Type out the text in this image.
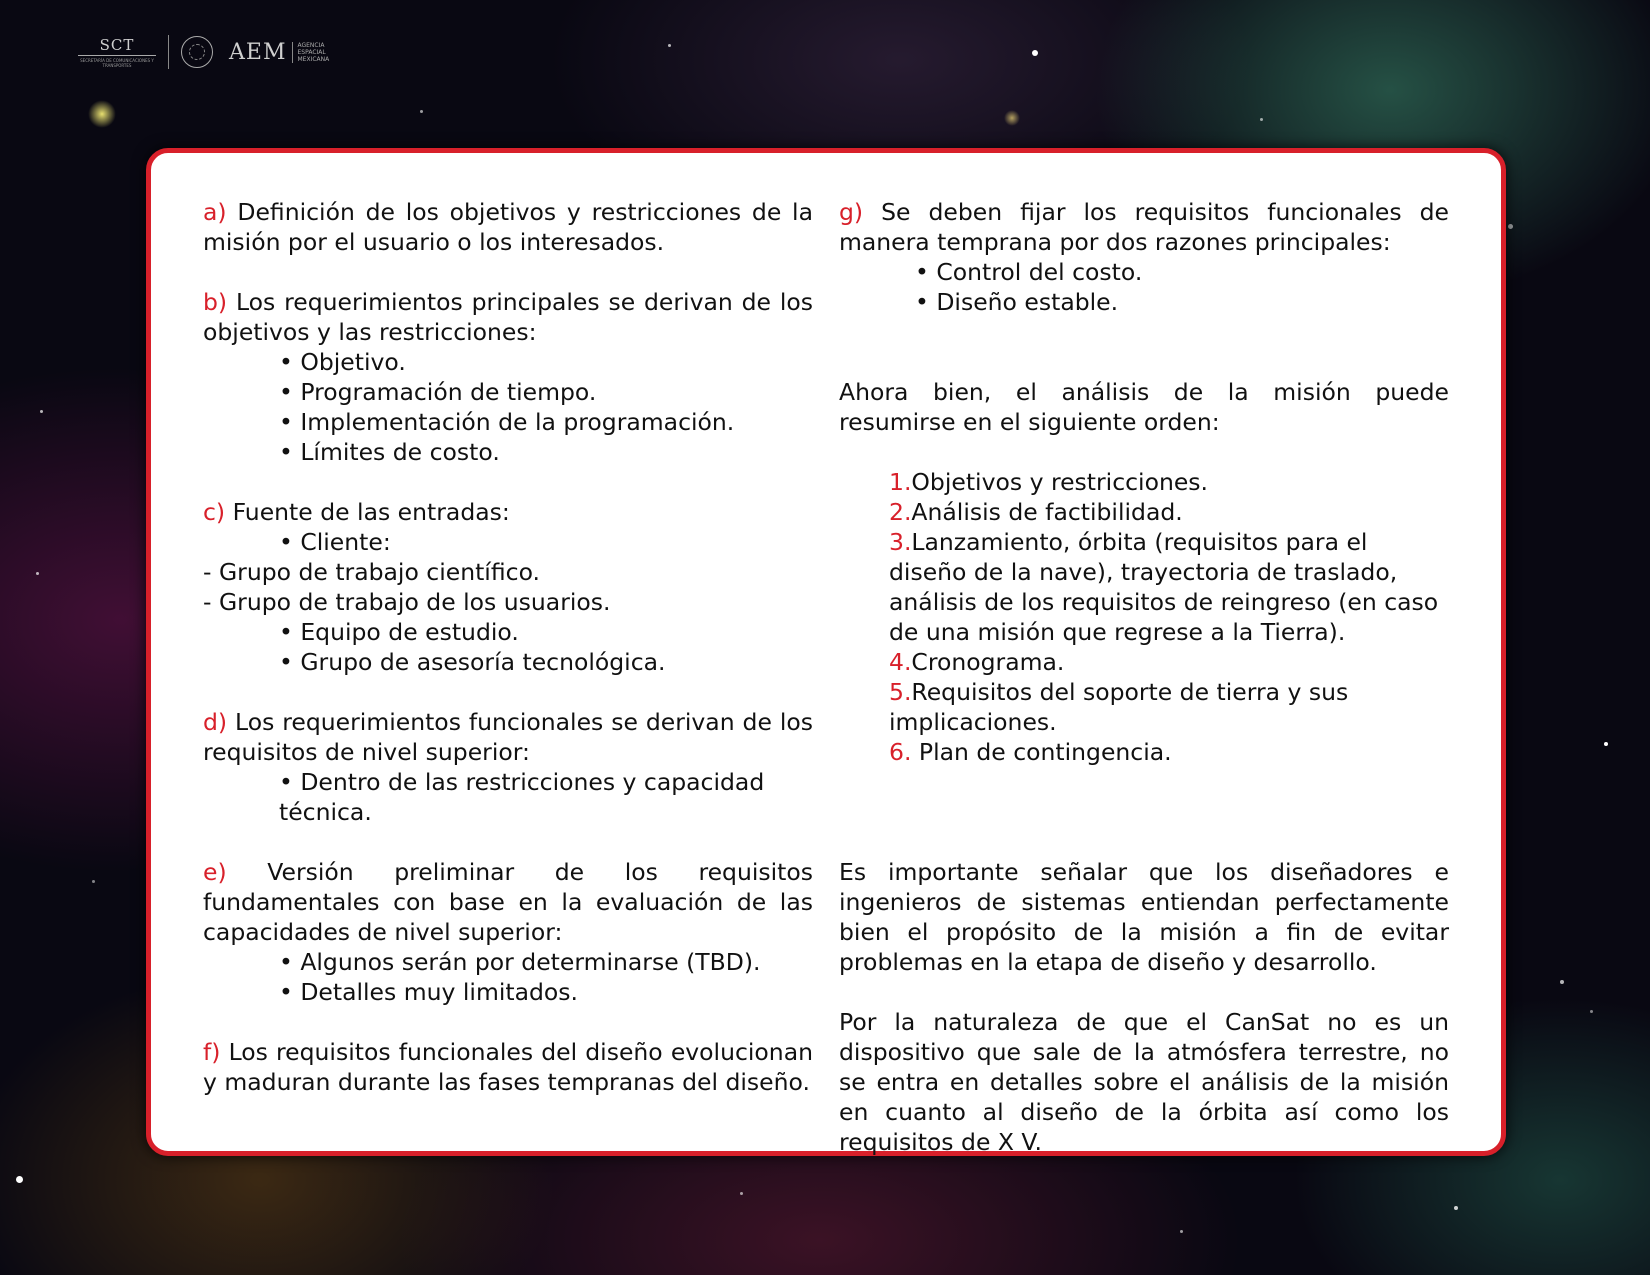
SCT
SECRETARÍA DE COMUNICACIONES Y TRANSPORTES
AEM	AGENCIA ESPACIAL MEXICANA

a) Definición de los objetivos y restricciones de la misión por el usuario o los interesados.

b) Los requerimientos principales se derivan de los objetivos y las restricciones:

• Objetivo.

• Programación de tiempo.

• Implementación de la programación.

• Límites de costo.

c) Fuente de las entradas:

• Cliente:

- Grupo de trabajo científico.

- Grupo de trabajo de los usuarios.

• Equipo de estudio.

• Grupo de asesoría tecnológica.

d) Los requerimientos funcionales se derivan de los requisitos de nivel superior:

• Dentro de las restricciones y capacidad

técnica.

e) Versión preliminar de los requisitos fundamentales con base en la evaluación de las capacidades de nivel superior:

• Algunos serán por determinarse (TBD).

• Detalles muy limitados.

f) Los requisitos funcionales del diseño evolucionan y maduran durante las fases tempranas del diseño.

g) Se deben fijar los requisitos funcionales de manera temprana por dos razones principales:

• Control del costo.

• Diseño estable.

Ahora bien, el análisis de la misión puede resumirse en el siguiente orden:

1.Objetivos y restricciones.

2.Análisis de factibilidad.

3.Lanzamiento, órbita (requisitos para el diseño de la nave), trayectoria de traslado, análisis de los requisitos de reingreso (en caso de una misión que regrese a la Tierra).

4.Cronograma.

5.Requisitos del soporte de tierra y sus implicaciones.

6. Plan de contingencia.

Es importante señalar que los diseñadores e ingenieros de sistemas entiendan perfectamente bien el propósito de la misión a fin de evitar problemas en la etapa de diseño y desarrollo.

Por la naturaleza de que el CanSat no es un dispositivo que sale de la atmósfera terrestre, no se entra en detalles sobre el análisis de la misión en cuanto al diseño de la órbita así como los requisitos de X V.
